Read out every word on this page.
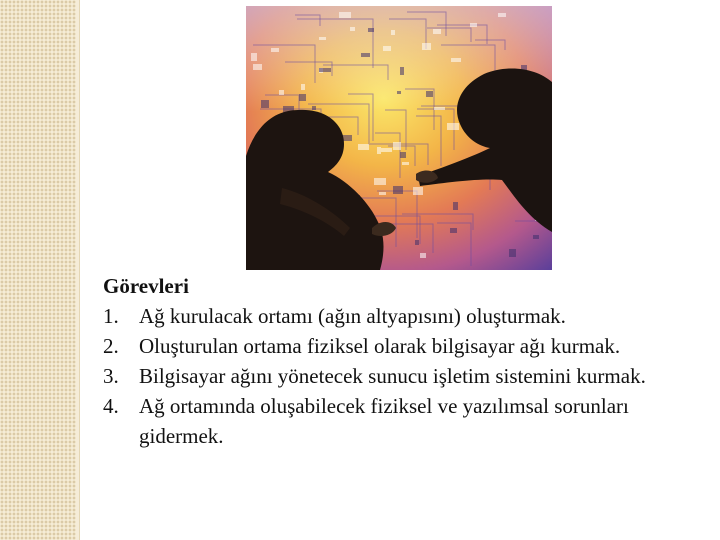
Görevleri

1. Ağ kurulacak ortamı (ağın altyapısını) oluşturmak.
2. Oluşturulan ortama fiziksel olarak bilgisayar ağı kurmak.
3. Bilgisayar ağını yönetecek sunucu işletim sistemini kurmak.
4. Ağ ortamında oluşabilecek fiziksel ve yazılımsal sorunları gidermek.
